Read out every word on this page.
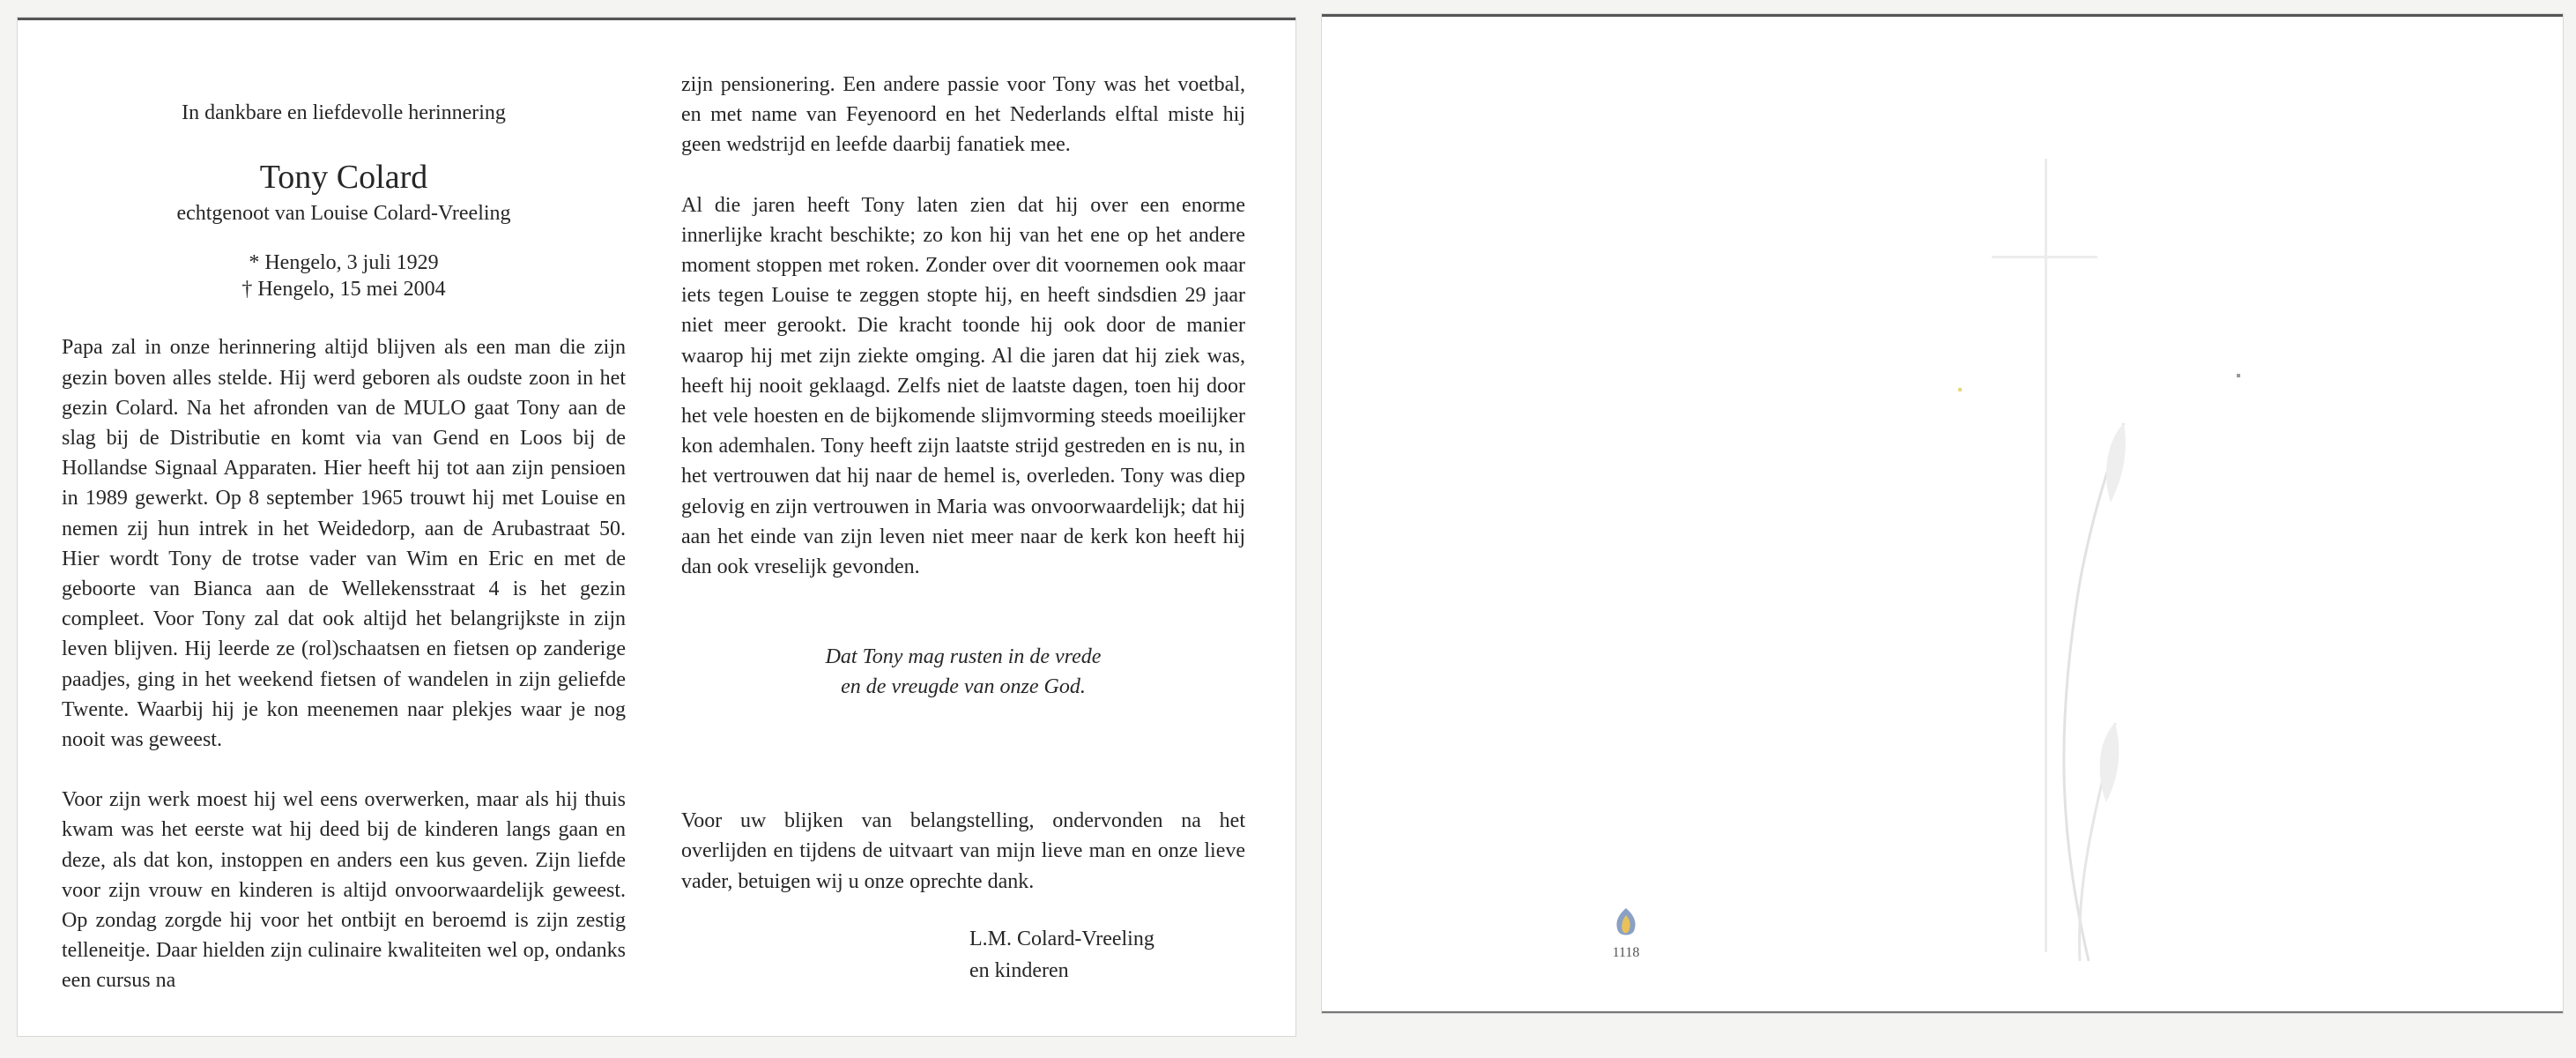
In dankbare en liefdevolle herinnering
Tony Colard
echtgenoot van Louise Colard-Vreeling
* Hengelo, 3 juli 1929
† Hengelo, 15 mei 2004

Papa zal in onze herinnering altijd blijven als een man die zijn gezin boven alles stelde. Hij werd geboren als oudste zoon in het gezin Colard. Na het afronden van de MULO gaat Tony aan de slag bij de Distributie en komt via van Gend en Loos bij de Hollandse Signaal Apparaten. Hier heeft hij tot aan zijn pensioen in 1989 gewerkt. Op 8 september 1965 trouwt hij met Louise en nemen zij hun intrek in het Weidedorp, aan de Arubastraat 50. Hier wordt Tony de trotse vader van Wim en Eric en met de geboorte van Bianca aan de Wellekensstraat 4 is het gezin compleet. Voor Tony zal dat ook altijd het belangrijkste in zijn leven blijven. Hij leerde ze (rol)schaatsen en fietsen op zanderige paadjes, ging in het weekend fietsen of wandelen in zijn geliefde Twente. Waarbij hij je kon meenemen naar plekjes waar je nog nooit was geweest.

Voor zijn werk moest hij wel eens overwerken, maar als hij thuis kwam was het eerste wat hij deed bij de kinderen langs gaan en deze, als dat kon, instoppen en anders een kus geven. Zijn liefde voor zijn vrouw en kinderen is altijd onvoorwaardelijk geweest. Op zondag zorgde hij voor het ontbijt en beroemd is zijn zestig telleneitje. Daar hielden zijn culinaire kwaliteiten wel op, ondanks een cursus na

zijn pensionering. Een andere passie voor Tony was het voetbal, en met name van Feyenoord en het Nederlands elftal miste hij geen wedstrijd en leefde daarbij fanatiek mee.

Al die jaren heeft Tony laten zien dat hij over een enorme innerlijke kracht beschikte; zo kon hij van het ene op het andere moment stoppen met roken. Zonder over dit voornemen ook maar iets tegen Louise te zeggen stopte hij, en heeft sindsdien 29 jaar niet meer gerookt. Die kracht toonde hij ook door de manier waarop hij met zijn ziekte omging. Al die jaren dat hij ziek was, heeft hij nooit geklaagd. Zelfs niet de laatste dagen, toen hij door het vele hoesten en de bijkomende slijmvorming steeds moeilijker kon ademhalen. Tony heeft zijn laatste strijd gestreden en is nu, in het vertrouwen dat hij naar de hemel is, overleden. Tony was diep gelovig en zijn vertrouwen in Maria was onvoorwaardelijk; dat hij aan het einde van zijn leven niet meer naar de kerk kon heeft hij dan ook vreselijk gevonden.

Dat Tony mag rusten in de vrede
en de vreugde van onze God.

Voor uw blijken van belangstelling, ondervonden na het overlijden en tijdens de uitvaart van mijn lieve man en onze lieve vader, betuigen wij u onze oprechte dank.

L.M. Colard-Vreeling
en kinderen
1118
